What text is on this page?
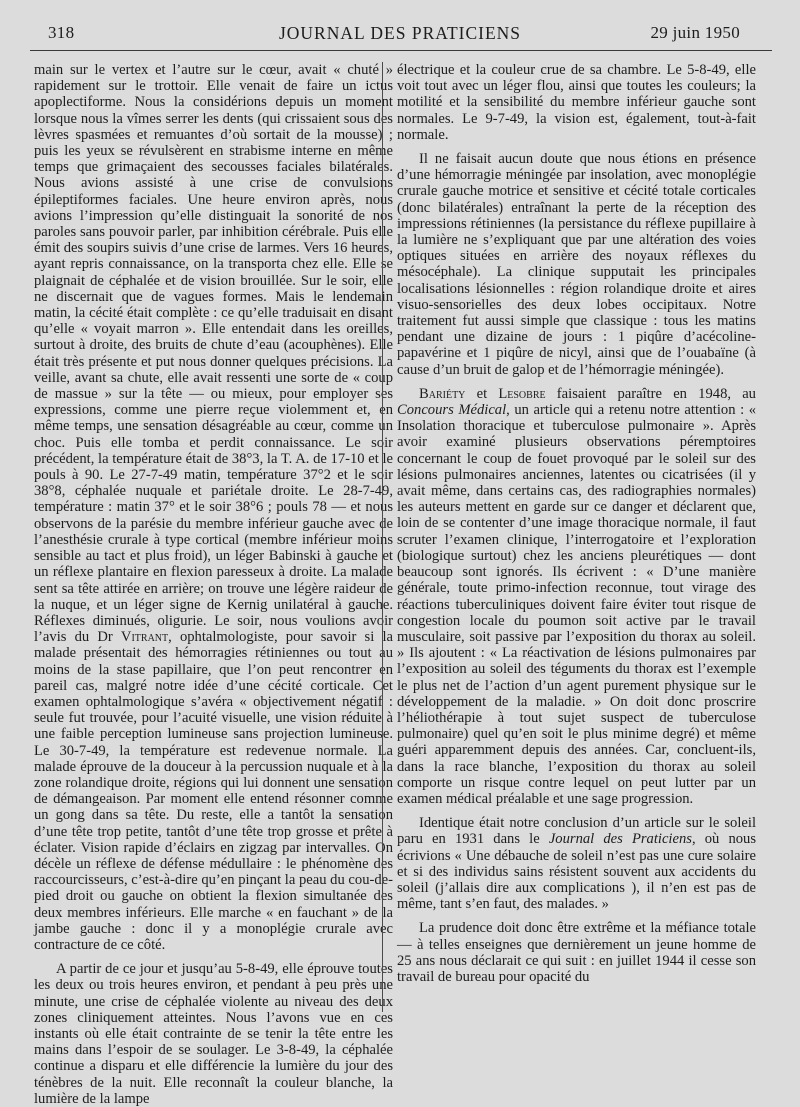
318	JOURNAL DES PRATICIENS	29 juin 1950

main sur le vertex et l’autre sur le cœur, avait « chuté » rapidement sur le trottoir. Elle venait de faire un ictus apoplectiforme. Nous la considérions depuis un moment lorsque nous la vîmes serrer les dents (qui crissaient sous des lèvres spasmées et remuantes d’où sortait de la mousse) ; puis les yeux se révulsèrent en strabisme interne en même temps que grimaçaient des secousses faciales bilatérales. Nous avions assisté à une crise de convulsions épileptiformes faciales. Une heure environ après, nous avions l’impression qu’elle distinguait la sonorité de nos paroles sans pouvoir parler, par inhibition cérébrale. Puis elle émit des soupirs suivis d’une crise de larmes. Vers 16 heures, ayant repris connaissance, on la transporta chez elle. Elle se plaignait de céphalée et de vision brouillée. Sur le soir, elle ne discernait que de vagues formes. Mais le lendemain matin, la cécité était complète : ce qu’elle traduisait en disant qu’elle « voyait marron ». Elle entendait dans les oreilles, surtout à droite, des bruits de chute d’eau (acouphènes). Elle était très présente et put nous donner quelques précisions. La veille, avant sa chute, elle avait ressenti une sorte de « coup de massue » sur la tête — ou mieux, pour employer ses expressions, comme une pierre reçue violemment et, en même temps, une sensation désagréable au cœur, comme un choc. Puis elle tomba et perdit connaissance. Le soir précédent, la température était de 38°3, la T. A. de 17-10 et le pouls à 90. Le 27-7-49 matin, température 37°2 et le soir 38°8, céphalée nuquale et pariétale droite. Le 28-7-49, température : matin 37° et le soir 38°6 ; pouls 78 — et nous observons de la parésie du membre inférieur gauche avec de l’anesthésie crurale à type cortical (membre inférieur moins sensible au tact et plus froid), un léger Babinski à gauche et un réflexe plantaire en flexion paresseux à droite. La malade sent sa tête attirée en arrière; on trouve une légère raideur de la nuque, et un léger signe de Kernig unilatéral à gauche. Réflexes diminués, oligurie. Le soir, nous voulions avoir l’avis du Dr Vitrant, ophtalmologiste, pour savoir si la malade présentait des hémorragies rétiniennes ou tout au moins de la stase papillaire, que l’on peut rencontrer en pareil cas, malgré notre idée d’une cécité corticale. Cet examen ophtalmologique s’avéra « objectivement négatif : seule fut trouvée, pour l’acuité visuelle, une vision réduite à une faible perception lumineuse sans projection lumineuse. Le 30-7-49, la température est redevenue normale. La malade éprouve de la douceur à la percussion nuquale et à la zone rolandique droite, régions qui lui donnent une sensation de démangeaison. Par moment elle entend résonner comme un gong dans sa tête. Du reste, elle a tantôt la sensation d’une tête trop petite, tantôt d’une tête trop grosse et prête à éclater. Vision rapide d’éclairs en zigzag par intervalles. On décèle un réflexe de défense médullaire : le phénomène des raccourcisseurs, c’est-à-dire qu’en pinçant la peau du cou-de-pied droit ou gauche on obtient la flexion simultanée des deux membres inférieurs. Elle marche « en fauchant » de la jambe gauche : donc il y a monoplégie crurale avec contracture de ce côté.

A partir de ce jour et jusqu’au 5-8-49, elle éprouve toutes les deux ou trois heures environ, et pendant à peu près une minute, une crise de céphalée violente au niveau des deux zones cliniquement atteintes. Nous l’avons vue en ces instants où elle était contrainte de se tenir la tête entre les mains dans l’espoir de se soulager. Le 3-8-49, la céphalée continue a disparu et elle différencie la lumière du jour des ténèbres de la nuit. Elle reconnaît la couleur blanche, la lumière de la lampe

électrique et la couleur crue de sa chambre. Le 5-8-49, elle voit tout avec un léger flou, ainsi que toutes les couleurs; la motilité et la sensibilité du membre inférieur gauche sont normales. Le 9-7-49, la vision est, également, tout-à-fait normale.

Il ne faisait aucun doute que nous étions en présence d’une hémorragie méningée par insolation, avec monoplégie crurale gauche motrice et sensitive et cécité totale corticales (donc bilatérales) entraînant la perte de la réception des impressions rétiniennes (la persistance du réflexe pupillaire à la lumière ne s’expliquant que par une altération des voies optiques situées en arrière des noyaux réflexes du mésocéphale). La clinique supputait les principales localisations lésionnelles : région rolandique droite et aires visuo-sensorielles des deux lobes occipitaux. Notre traitement fut aussi simple que classique : tous les matins pendant une dizaine de jours : 1 piqûre d’acécoline-papavérine et 1 piqûre de nicyl, ainsi que de l’ouabaïne (à cause d’un bruit de galop et de l’hémorragie méningée).

Bariéty et Lesobre faisaient paraître en 1948, au Concours Médical, un article qui a retenu notre attention : « Insolation thoracique et tuberculose pulmonaire ». Après avoir examiné plusieurs observations péremptoires concernant le coup de fouet provoqué par le soleil sur des lésions pulmonaires anciennes, latentes ou cicatrisées (il y avait même, dans certains cas, des radiographies normales) les auteurs mettent en garde sur ce danger et déclarent que, loin de se contenter d’une image thoracique normale, il faut scruter l’examen clinique, l’interrogatoire et l’exploration (biologique surtout) chez les anciens pleurétiques — dont beaucoup sont ignorés. Ils écrivent : « D’une manière générale, toute primo-infection reconnue, tout virage des réactions tuberculiniques doivent faire éviter tout risque de congestion locale du poumon soit active par le travail musculaire, soit passive par l’exposition du thorax au soleil. » Ils ajoutent : « La réactivation de lésions pulmonaires par l’exposition au soleil des téguments du thorax est l’exemple le plus net de l’action d’un agent purement physique sur le développement de la maladie. » On doit donc proscrire l’héliothérapie à tout sujet suspect de tuberculose pulmonaire) quel qu’en soit le plus minime degré) et même guéri apparemment depuis des années. Car, concluent-ils, dans la race blanche, l’exposition du thorax au soleil comporte un risque contre lequel on peut lutter par un examen médical préalable et une sage progression.

Identique était notre conclusion d’un article sur le soleil paru en 1931 dans le Journal des Praticiens, où nous écrivions « Une débauche de soleil n’est pas une cure solaire et si des individus sains résistent souvent aux accidents du soleil (j’allais dire aux complications ), il n’en est pas de même, tant s’en faut, des malades. »

La prudence doit donc être extrême et la méfiance totale — à telles enseignes que dernièrement un jeune homme de 25 ans nous déclarait ce qui suit : en juillet 1944 il cesse son travail de bureau pour opacité du
